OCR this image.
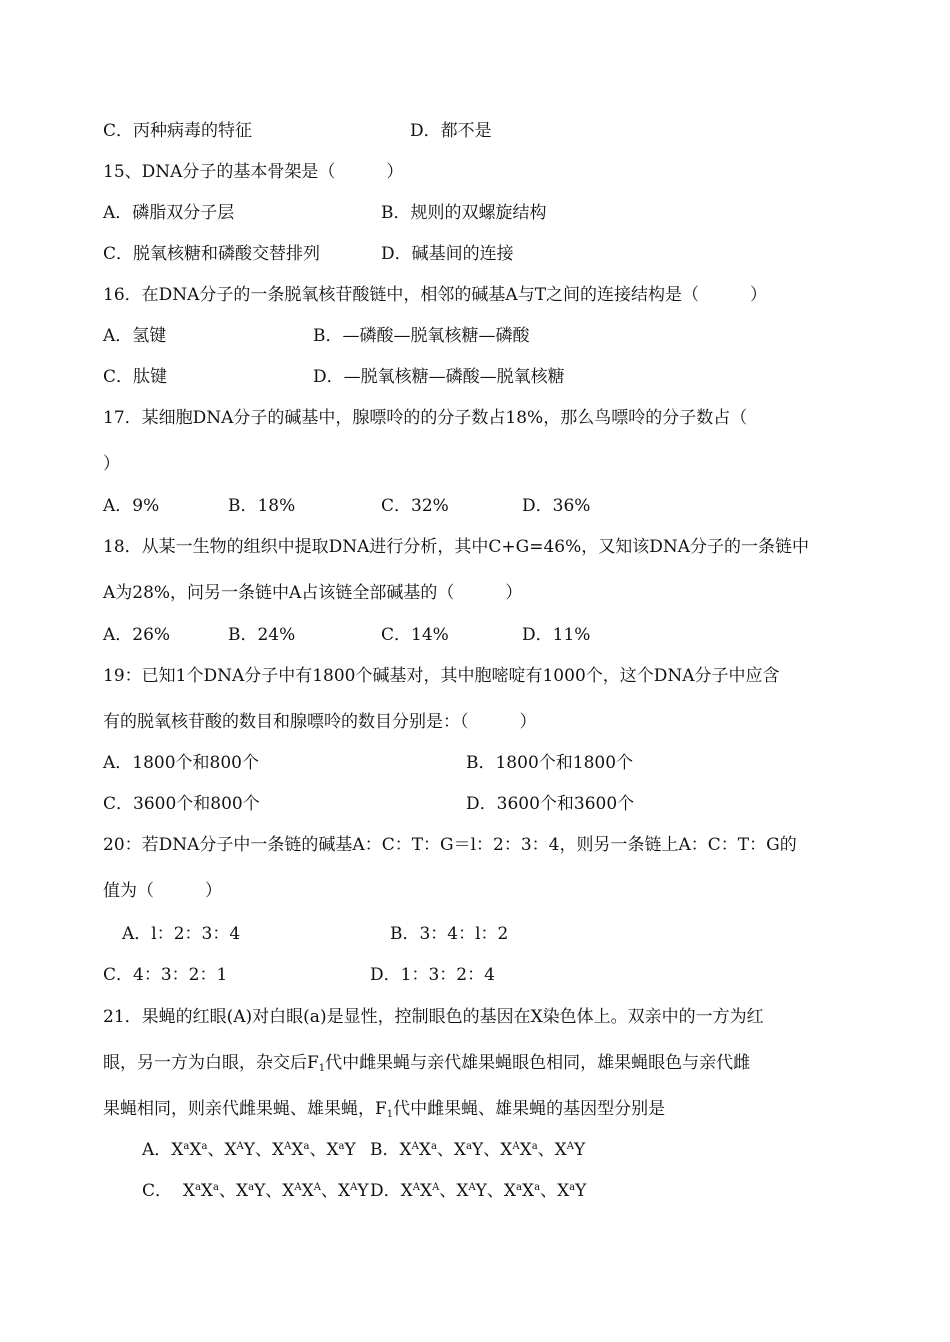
C．丙种病毒的特征	D．都不是
15、DNA分子的基本骨架是（　　　）
A．磷脂双分子层	B．规则的双螺旋结构
C．脱氧核糖和磷酸交替排列	D．碱基间的连接
16．在DNA分子的一条脱氧核苷酸链中，相邻的碱基A与T之间的连接结构是（　　　）
A．氢键	B．—磷酸—脱氧核糖—磷酸
C．肽键	D．—脱氧核糖—磷酸—脱氧核糖
17．某细胞DNA分子的碱基中，腺嘌呤的的分子数占18%，那么鸟嘌呤的分子数占（
）
A．9%	B．18%	C．32%	D．36%
18．从某一生物的组织中提取DNA进行分析，其中C+G=46%，又知该DNA分子的一条链中
A为28%，问另一条链中A占该链全部碱基的（　　　）
A．26%	B．24%	C．14%	D．11%
19：已知1个DNA分子中有1800个碱基对，其中胞嘧啶有1000个，这个DNA分子中应含
有的脱氧核苷酸的数目和腺嘌呤的数目分别是：（　　　）
A．1800个和800个	B．1800个和1800个
C．3600个和800个	D．3600个和3600个
20：若DNA分子中一条链的碱基A：C：T：G＝l：2：3：4，则另一条链上A：C：T：G的
值为（　　　）
A．l：2：3：4	B．3：4：l：2
C．4：3：2：1	D．1：3：2：4
21．果蝇的红眼(A)对白眼(a)是显性，控制眼色的基因在X染色体上。双亲中的一方为红
眼，另一方为白眼，杂交后$F_1$代中雌果蝇与亲代雄果蝇眼色相同，雄果蝇眼色与亲代雌
果蝇相同，则亲代雌果蝇、雄果蝇，$F_1$代中雌果蝇、雄果蝇的基因型分别是
A．$X^aX^a$、$X^AY$、$X^AX^a$、$X^aY$ B．$X^AX^a$、$X^aY$、$X^AX^a$、$X^AY$
C． $X^aX^a$、$X^aY$、$X^AX^A$、$X^AY$ D．$X^AX^A$、$X^AY$、$X^aX^a$、$X^aY$
